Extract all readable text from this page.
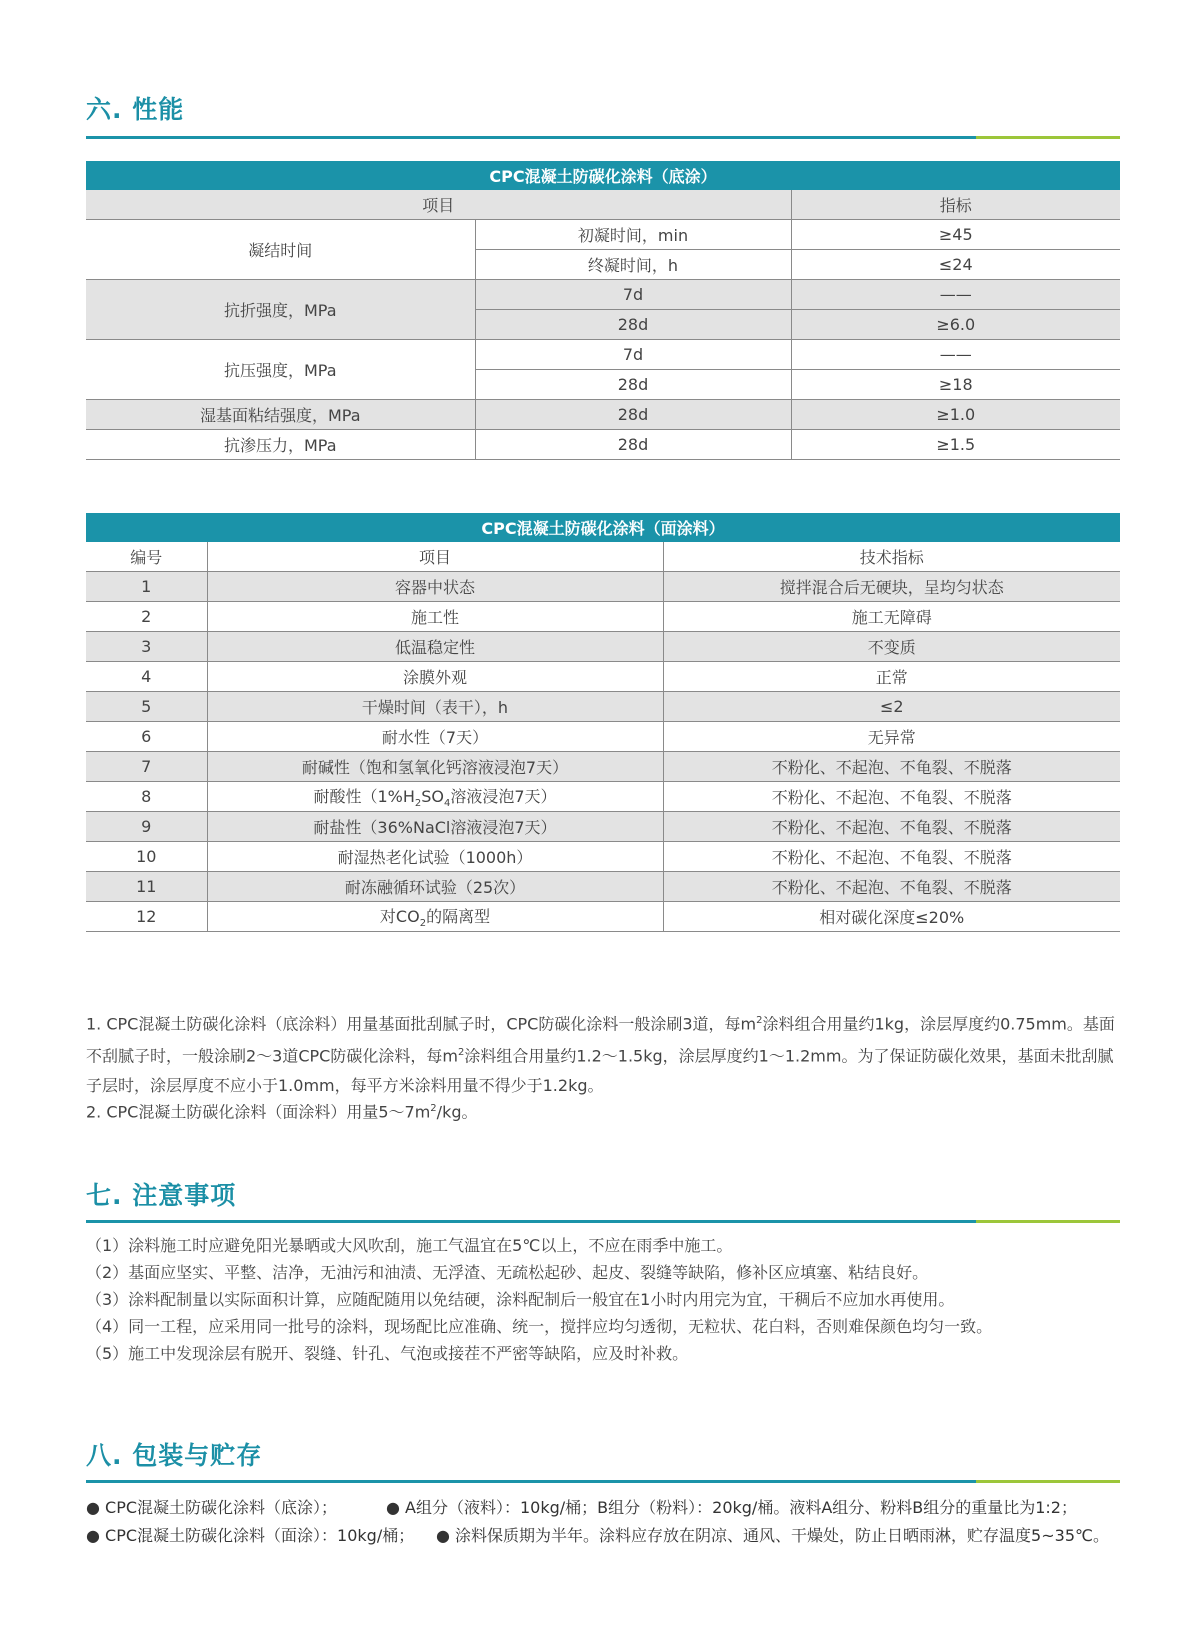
六. 性能
CPC混凝土防碳化涂料（底涂）		
项目		指标
凝结时间	初凝时间，min	≥45
	终凝时间，h	≤24
抗折强度，MPa	7d	——
	28d	≥6.0
抗压强度，MPa	7d	——
	28d	≥18
湿基面粘结强度，MPa	28d	≥1.0
抗渗压力，MPa	28d	≥1.5
CPC混凝土防碳化涂料（面涂料）		
编号	项目	技术指标
1	容器中状态	搅拌混合后无硬块，呈均匀状态
2	施工性	施工无障碍
3	低温稳定性	不变质
4	涂膜外观	正常
5	干燥时间（表干），h	≤2
6	耐水性（7天）	无异常
7	耐碱性（饱和氢氧化钙溶液浸泡7天）	不粉化、不起泡、不龟裂、不脱落
8	耐酸性（$1\%H_2SO_4$溶液浸泡7天）	不粉化、不起泡、不龟裂、不脱落
9	耐盐性（36%NaCl溶液浸泡7天）	不粉化、不起泡、不龟裂、不脱落
10	耐湿热老化试验（1000h）	不粉化、不起泡、不龟裂、不脱落
11	耐冻融循环试验（25次）	不粉化、不起泡、不龟裂、不脱落
12	对$CO_2$的隔离型	相对碳化深度≤20%

1. CPC混凝土防碳化涂料（底涂料）用量基面批刮腻子时，CPC防碳化涂料一般涂刷3道，每$m^2$涂料组合用量约1kg，涂层厚度约0.75mm。基面不刮腻子时，一般涂刷2～3道CPC防碳化涂料，每$m^2$涂料组合用量约1.2～1.5kg，涂层厚度约1～1.2mm。为了保证防碳化效果，基面未批刮腻子层时，涂层厚度不应小于1.0mm，每平方米涂料用量不得少于1.2kg。

2. CPC混凝土防碳化涂料（面涂料）用量$5\sim 7m^2/kg$。

七. 注意事项
（1）涂料施工时应避免阳光暴晒或大风吹刮，施工气温宜在5℃以上，不应在雨季中施工。
（2）基面应坚实、平整、洁净，无油污和油渍、无浮渣、无疏松起砂、起皮、裂缝等缺陷，修补区应填塞、粘结良好。
（3）涂料配制量以实际面积计算，应随配随用以免结硬，涂料配制后一般宜在1小时内用完为宜，干稠后不应加水再使用。
（4）同一工程，应采用同一批号的涂料，现场配比应准确、统一，搅拌应均匀透彻，无粒状、花白料，否则难保颜色均匀一致。
（5）施工中发现涂层有脱开、裂缝、针孔、气泡或接茬不严密等缺陷，应及时补救。
八. 包装与贮存
● CPC混凝土防碳化涂料（底涂）；	● A组分（液料）：10kg/桶；B组分（粉料）：20kg/桶。液料A组分、粉料B组分的重量比为1:2；
● CPC混凝土防碳化涂料（面涂）：10kg/桶； ● 涂料保质期为半年。涂料应存放在阴凉、通风、干燥处，防止日晒雨淋，贮存温度5~35℃。
